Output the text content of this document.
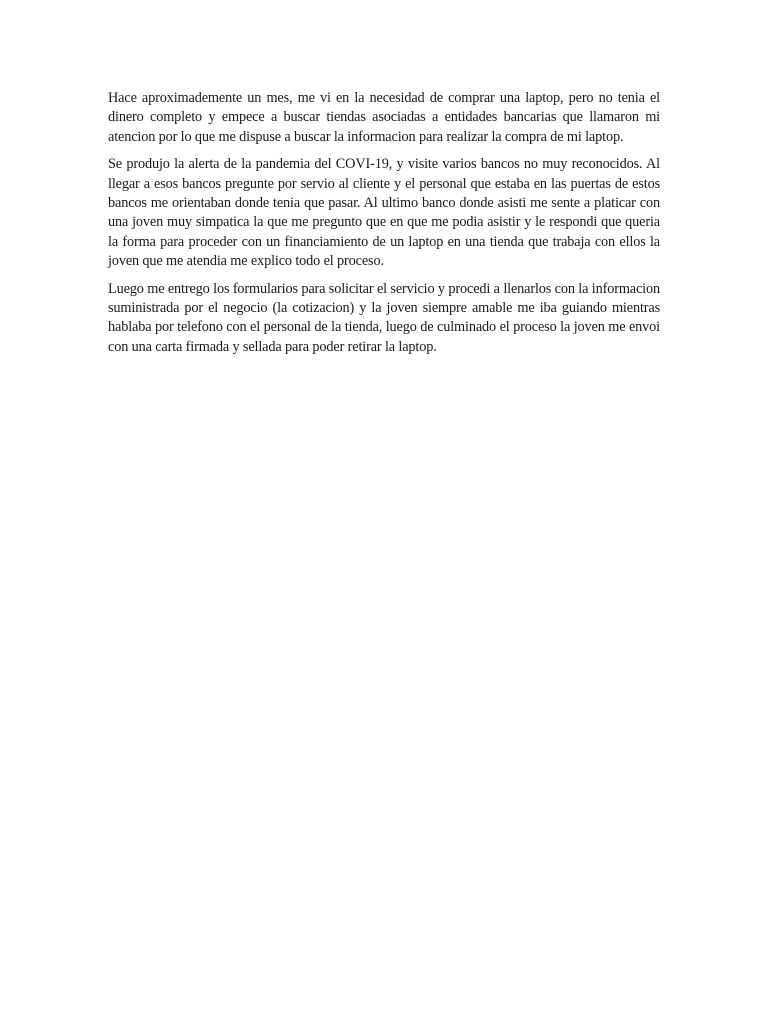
Hace aproximademente un mes, me vi en la necesidad de comprar una laptop, pero no tenia el dinero completo y empece a buscar tiendas asociadas a entidades bancarias que llamaron mi atencion por lo que me dispuse a buscar la informacion para realizar la compra de mi laptop.

Se produjo la alerta de la pandemia del COVI-19, y visite varios bancos no muy reconocidos. Al llegar a esos bancos pregunte por servio al cliente y el personal que estaba en las puertas de estos bancos me orientaban donde tenia que pasar. Al ultimo banco donde asisti me sente a platicar con una joven muy simpatica la que me pregunto que en que me podia asistir y le respondi que queria la forma para proceder con un financiamiento de un laptop en una tienda que trabaja con ellos la joven que me atendia me explico todo el proceso.

Luego me entrego los formularios para solicitar el servicio y procedi a llenarlos con la informacion suministrada por el negocio (la cotizacion) y la joven siempre amable me iba guiando mientras hablaba por telefono con el personal de la tienda, luego de culminado el proceso la joven me envoi con una carta firmada y sellada para poder retirar la laptop.
